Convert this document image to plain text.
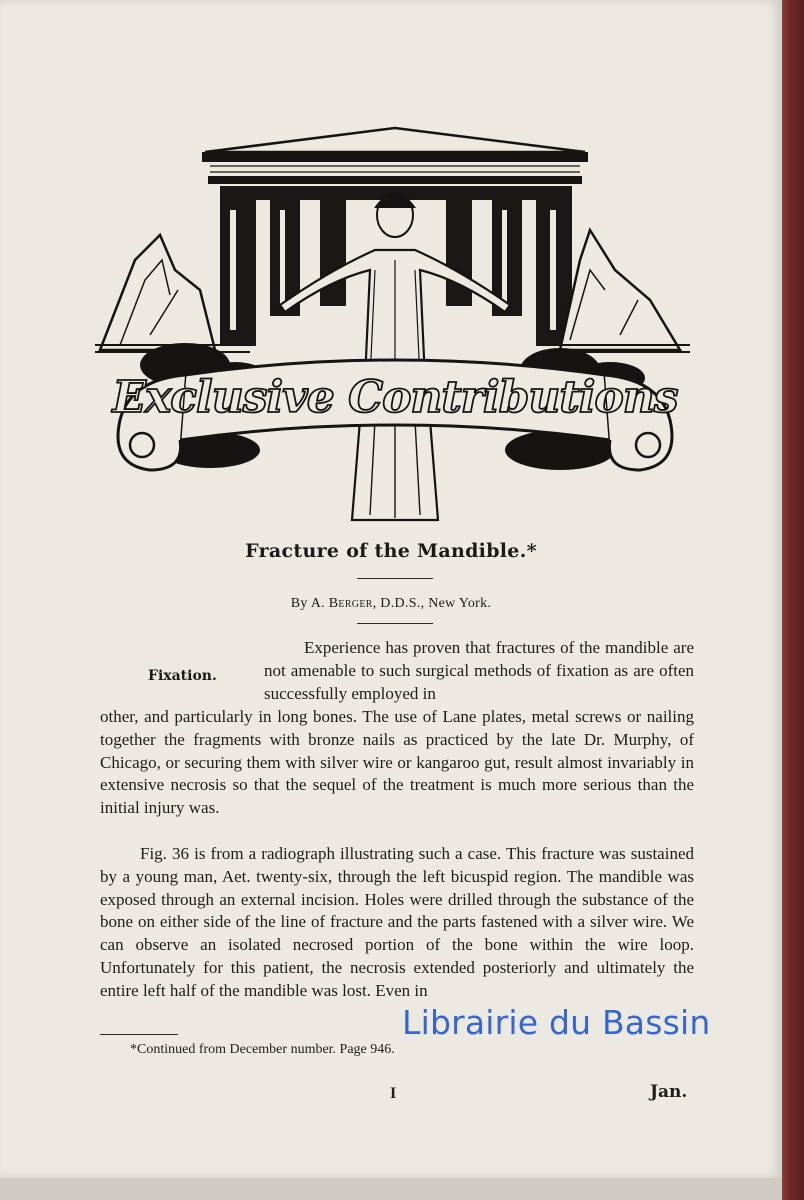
Exclusive Contributions
Fracture of the Mandible.*
By A. Berger, D.D.S., New York.
Fixation.
Experience has proven that fractures of the mandible are not amenable to such surgical methods of fixation as are often successfully employed in
other, and particularly in long bones. The use of Lane plates, metal screws or nailing together the fragments with bronze nails as practiced by the late Dr. Murphy, of Chicago, or securing them with silver wire or kangaroo gut, result almost invariably in extensive necrosis so that the sequel of the treatment is much more serious than the initial injury was.
Fig. 36 is from a radiograph illustrating such a case. This fracture was sustained by a young man, Aet. twenty-six, through the left bicuspid region. The mandible was exposed through an external incision. Holes were drilled through the substance of the bone on either side of the line of fracture and the parts fastened with a silver wire. We can observe an isolated necrosed portion of the bone within the wire loop. Unfortunately for this patient, the necrosis extended posteriorly and ultimately the entire left half of the mandible was lost. Even in
*Continued from December number. Page 946.
I	Jan.
Librairie du Bassin
